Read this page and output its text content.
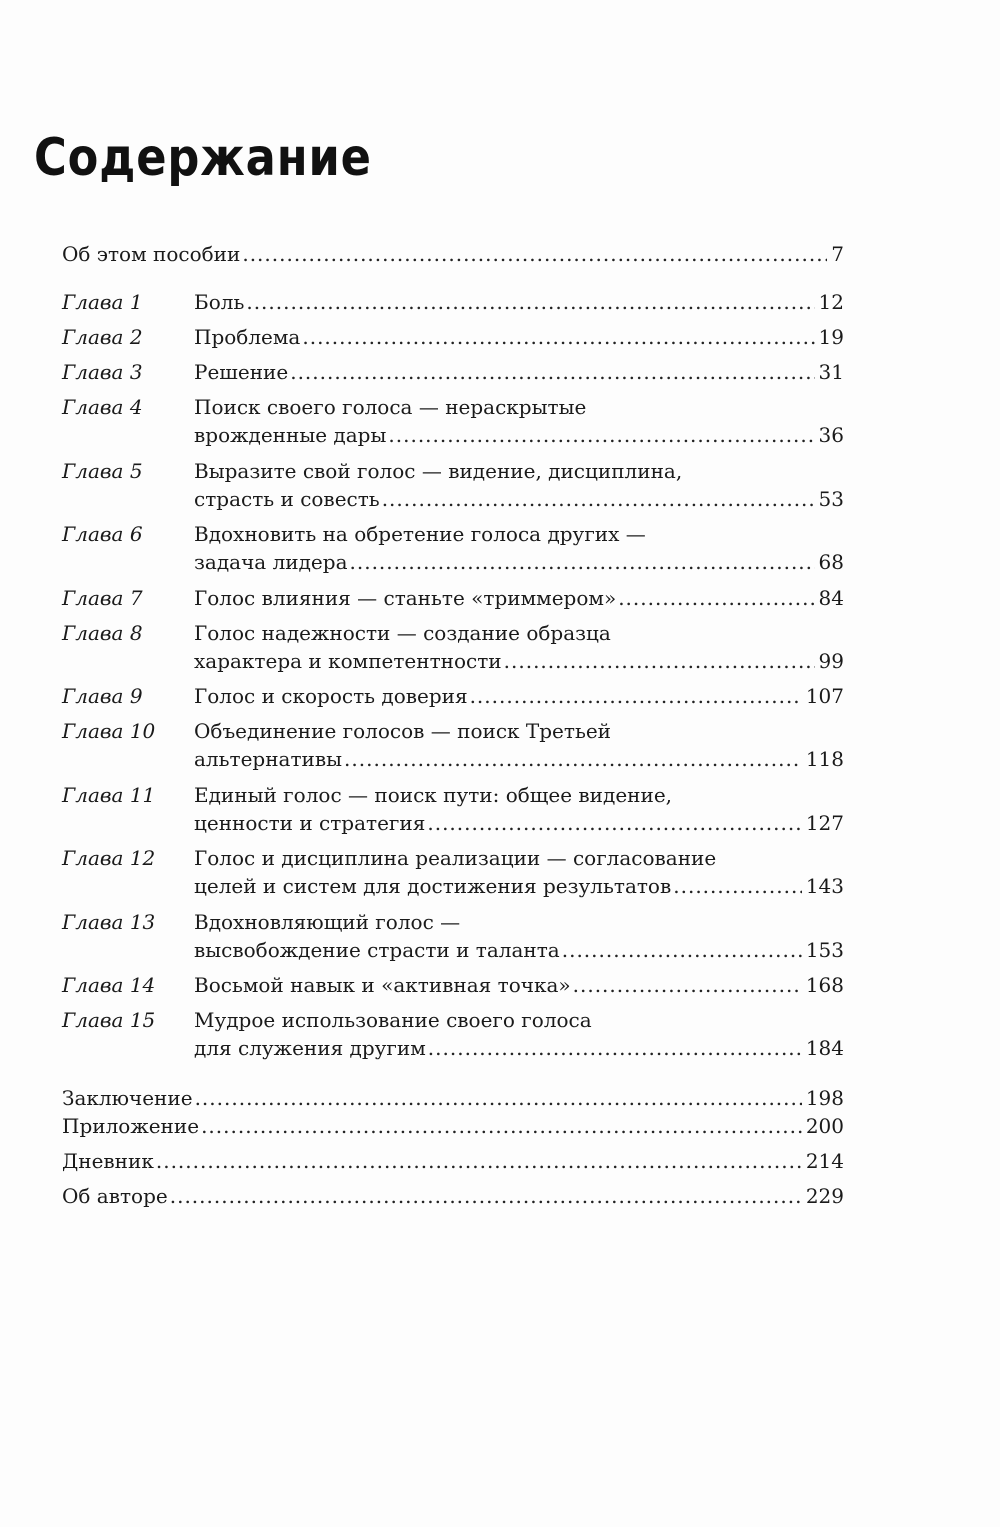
Содержание
Об этом пособии .....	7
Глава 1	Боль .....	12
Глава 2	Проблема .....	19
Глава 3	Решение .....	31
Глава 4	Поиск своего голоса — нераскрытые
врожденные дары .....	36
Глава 5	Выразите свой голос — видение, дисциплина,
страсть и совесть .....	53
Глава 6	Вдохновить на обретение голоса других —
задача лидера .....	68
Глава 7	Голос влияния — станьте «триммером» .....	84
Глава 8	Голос надежности — создание образца
характера и компетентности .....	99
Глава 9	Голос и скорость доверия .....	107
Глава 10 Объединение голосов — поиск Третьей
альтернативы .....	118
Глава 11 Единый голос — поиск пути: общее видение,
ценности и стратегия .....	127
Глава 12 Голос и дисциплина реализации — согласование
целей и систем для достижения результатов .....	143
Глава 13 Вдохновляющий голос —
высвобождение страсти и таланта .....	153
Глава 14 Восьмой навык и «активная точка» .....	168
Глава 15 Мудрое использование своего голоса
для служения другим .....	184
Заключение .....	198
Приложение .....	200
Дневник .....	214
Об авторе .....	229
